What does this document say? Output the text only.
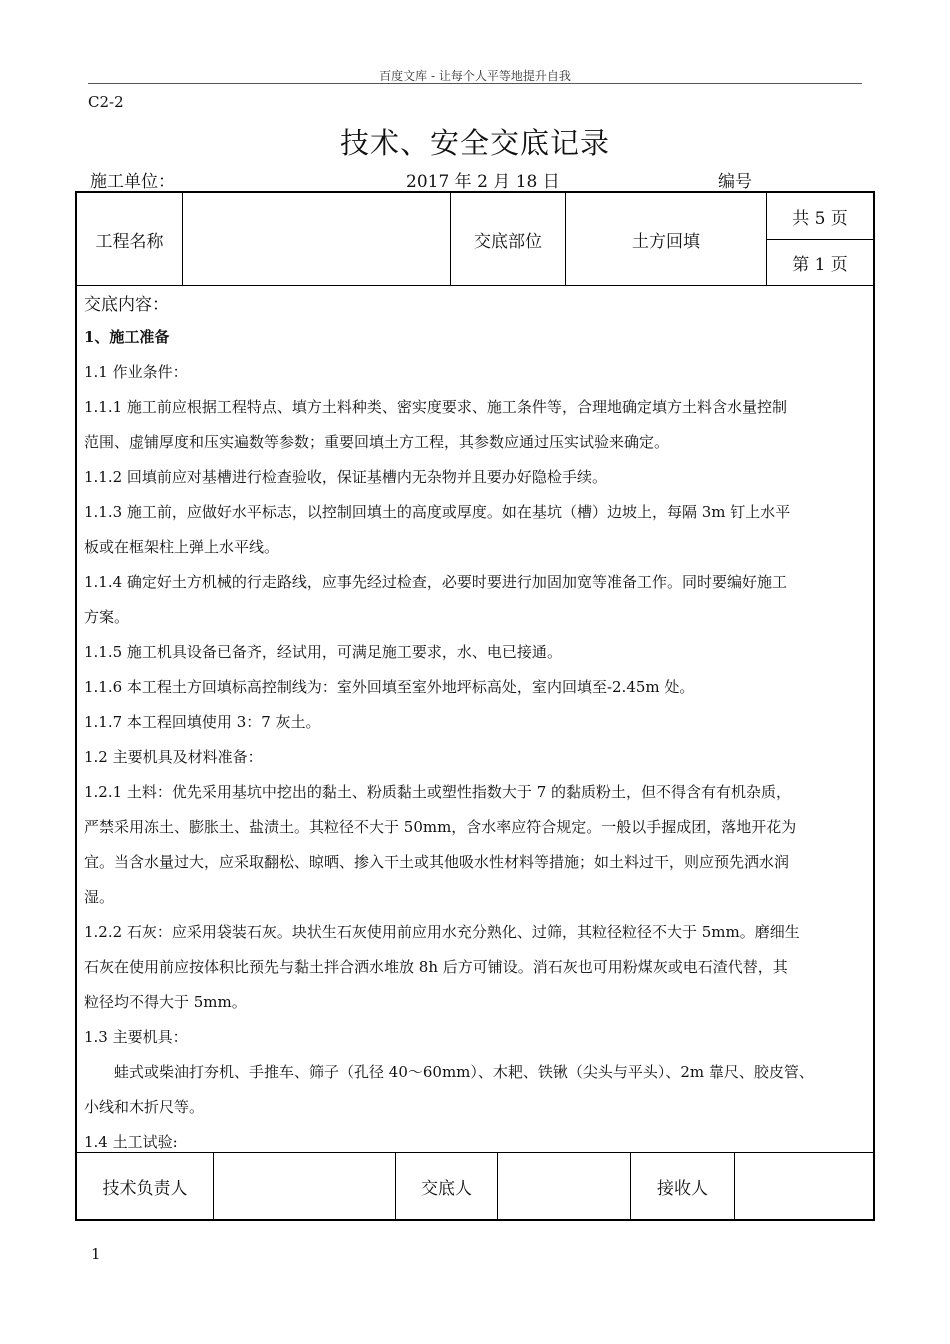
百度文库 - 让每个人平等地提升自我
C2-2
技术、安全交底记录
施工单位：	2017 年 2 月 18 日	编号
工程名称	交底部位	土方回填
共 5 页
第 1 页
交底内容：
1、施工准备
1.1 作业条件：
1.1.1 施工前应根据工程特点、填方土料种类、密实度要求、施工条件等，合理地确定填方土料含水量控制
范围、虚铺厚度和压实遍数等参数；重要回填土方工程，其参数应通过压实试验来确定。
1.1.2 回填前应对基槽进行检查验收，保证基槽内无杂物并且要办好隐检手续。
1.1.3 施工前，应做好水平标志，以控制回填土的高度或厚度。如在基坑（槽）边坡上，每隔 3m 钉上水平
板或在框架柱上弹上水平线。
1.1.4 确定好土方机械的行走路线，应事先经过检查，必要时要进行加固加宽等准备工作。同时要编好施工
方案。
1.1.5 施工机具设备已备齐，经试用，可满足施工要求，水、电已接通。
1.1.6 本工程土方回填标高控制线为：室外回填至室外地坪标高处，室内回填至-2.45m 处。
1.1.7 本工程回填使用 3：7 灰土。
1.2 主要机具及材料准备：
1.2.1 土料：优先采用基坑中挖出的黏土、粉质黏土或塑性指数大于 7 的黏质粉土，但不得含有有机杂质，
严禁采用冻土、膨胀土、盐渍土。其粒径不大于 50mm，含水率应符合规定。一般以手握成团，落地开花为
宜。当含水量过大，应采取翻松、晾晒、掺入干土或其他吸水性材料等措施；如土料过干，则应预先洒水润
湿。
1.2.2 石灰：应采用袋装石灰。块状生石灰使用前应用水充分熟化、过筛，其粒径粒径不大于 5mm。磨细生
石灰在使用前应按体积比预先与黏土拌合洒水堆放 8h 后方可铺设。消石灰也可用粉煤灰或电石渣代替，其
粒径均不得大于 5mm。
1.3 主要机具：
　　蛙式或柴油打夯机、手推车、筛子（孔径 40～60mm）、木耙、铁锹（尖头与平头）、2m 靠尺、胶皮管、
小线和木折尺等。
1.4 土工试验:
技术负责人	交底人	接收人
1
